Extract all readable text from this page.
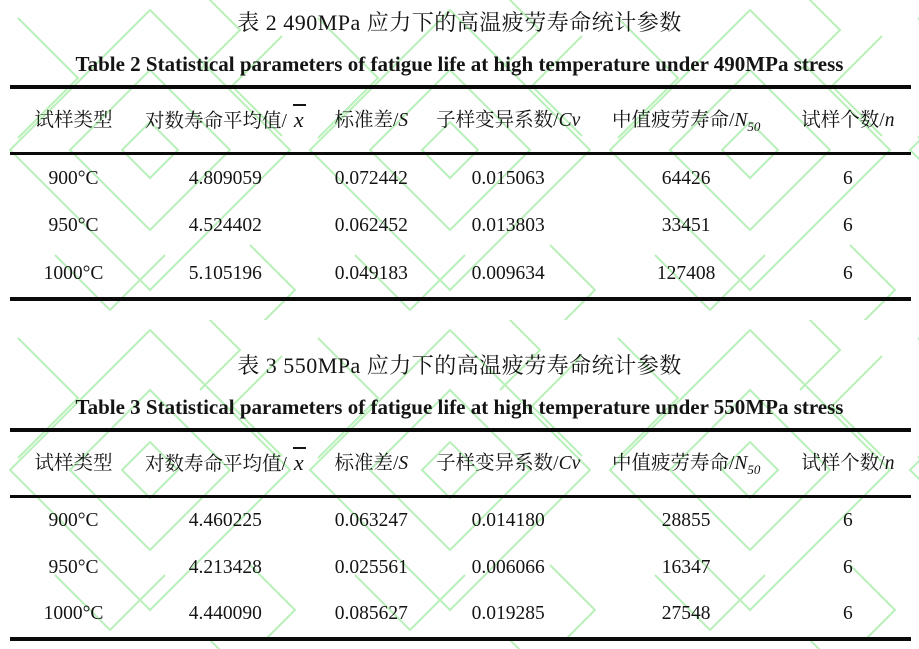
表 2 490MPa 应力下的高温疲劳寿命统计参数
Table 2 Statistical parameters of fatigue life at high temperature under 490MPa stress
试样类型	对数寿命平均值/ x	标准差/S	子样变异系数/Cv	中值疲劳寿命$/N_{50}$	试样个数/n
900°C	4.809059	0.072442	0.015063	64426	6
950°C	4.524402	0.062452	0.013803	33451	6
1000°C	5.105196	0.049183	0.009634	127408	6
表 3 550MPa 应力下的高温疲劳寿命统计参数
Table 3 Statistical parameters of fatigue life at high temperature under 550MPa stress
试样类型	对数寿命平均值/ x	标准差/S	子样变异系数/Cv	中值疲劳寿命$/N_{50}$	试样个数/n
900°C	4.460225	0.063247	0.014180	28855	6
950°C	4.213428	0.025561	0.006066	16347	6
1000°C	4.440090	0.085627	0.019285	27548	6
